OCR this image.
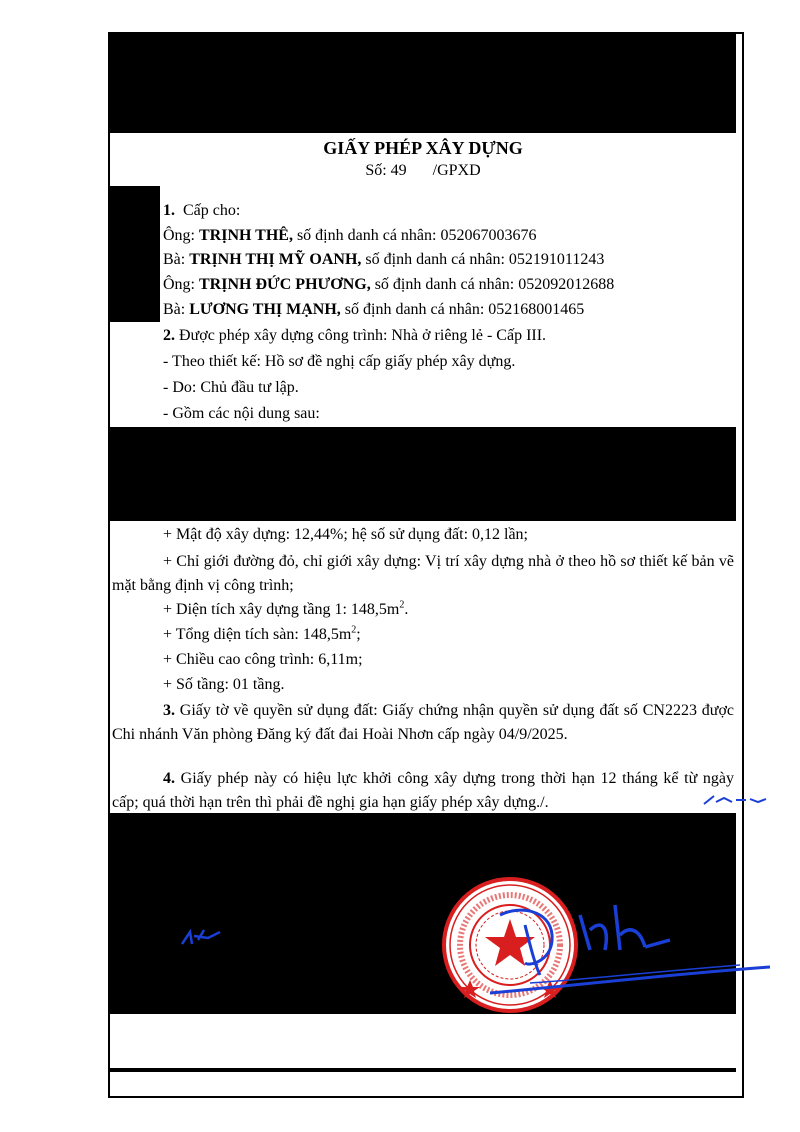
GIẤY PHÉP XÂY DỰNG
Số: 49 /GPXD
1. Cấp cho:
Ông: TRỊNH THÊ, số định danh cá nhân: 052067003676
Bà: TRỊNH THỊ MỸ OANH, số định danh cá nhân: 052191011243
Ông: TRỊNH ĐỨC PHƯƠNG, số định danh cá nhân: 052092012688
Bà: LƯƠNG THỊ MẠNH, số định danh cá nhân: 052168001465
2. Được phép xây dựng công trình: Nhà ở riêng lẻ - Cấp III.
- Theo thiết kế: Hồ sơ đề nghị cấp giấy phép xây dựng.
- Do: Chủ đầu tư lập.
- Gồm các nội dung sau:
+ Mật độ xây dựng: 12,44%; hệ số sử dụng đất: 0,12 lần;
+ Chỉ giới đường đỏ, chỉ giới xây dựng: Vị trí xây dựng nhà ở theo hồ sơ thiết kế bản vẽ mặt bằng định vị công trình;
+ Diện tích xây dựng tầng 1: $148,5m^2$.
+ Tổng diện tích sàn: $148,5m^2$;
+ Chiều cao công trình: 6,11m;
+ Số tầng: 01 tầng.
3. Giấy tờ về quyền sử dụng đất: Giấy chứng nhận quyền sử dụng đất số CN2223 được Chi nhánh Văn phòng Đăng ký đất đai Hoài Nhơn cấp ngày 04/9/2025.
4. Giấy phép này có hiệu lực khởi công xây dựng trong thời hạn 12 tháng kể từ ngày cấp; quá thời hạn trên thì phải đề nghị gia hạn giấy phép xây dựng./.
